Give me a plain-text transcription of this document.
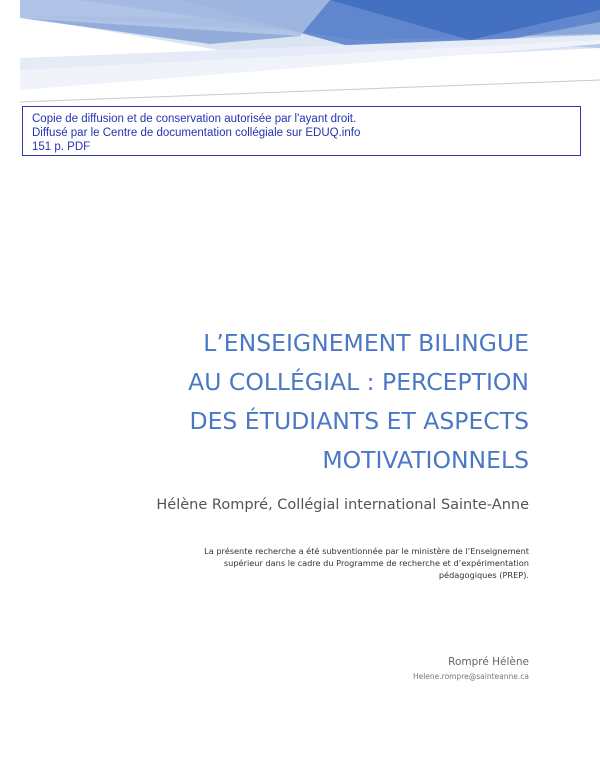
Copie de diffusion et de conservation autorisée par l'ayant droit.
Diffusé par le Centre de documentation collégiale sur EDUQ.info
151 p. PDF
L’ENSEIGNEMENT BILINGUE
AU COLLÉGIAL : PERCEPTION
DES ÉTUDIANTS ET ASPECTS
MOTIVATIONNELS
Hélène Rompré, Collégial international Sainte-Anne
La présente recherche a été subventionnée par le ministère de l’Enseignement
supérieur dans le cadre du Programme de recherche et d’expérimentation
pédagogiques (PREP).
Rompré Hélène
Helene.rompre@sainteanne.ca
